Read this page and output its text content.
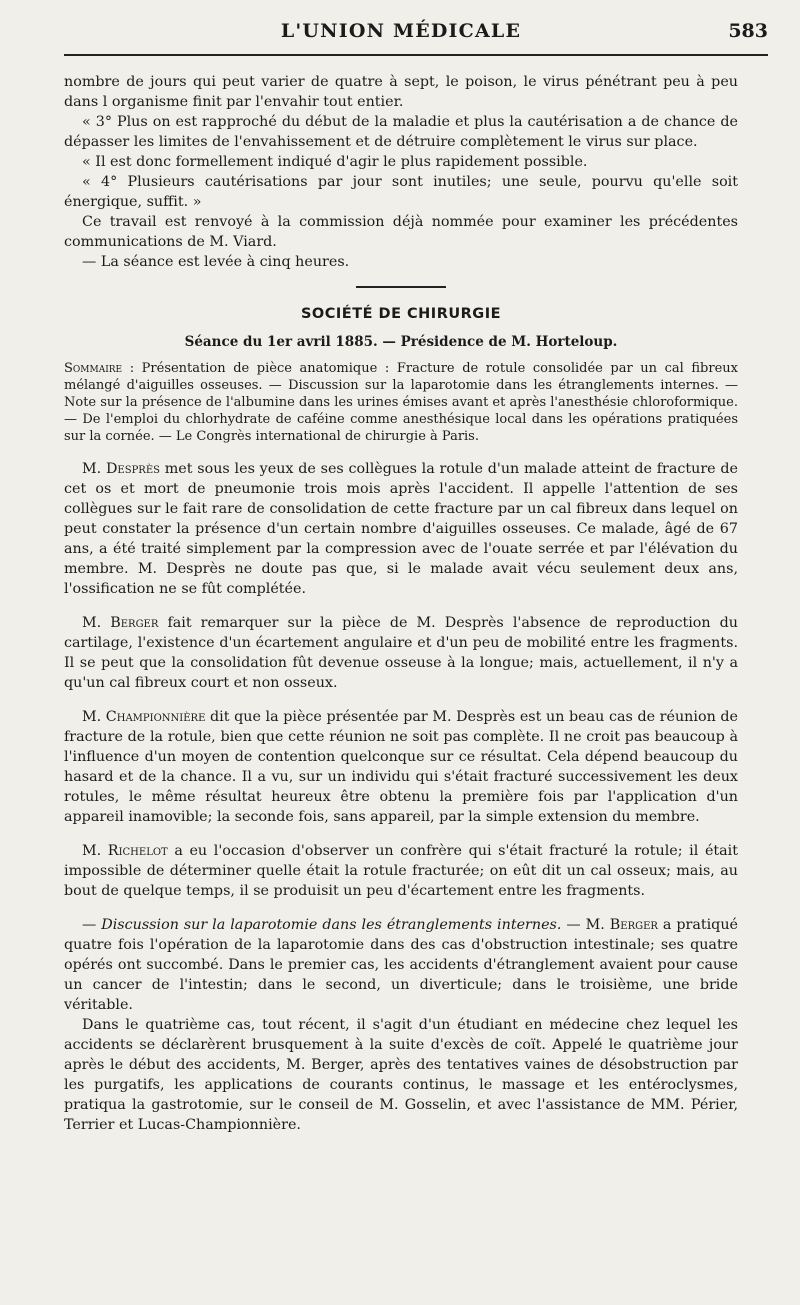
L'UNION MÉDICALE	583

nombre de jours qui peut varier de quatre à sept, le poison, le virus pénétrant peu à peu dans l organisme finit par l'envahir tout entier.

« 3° Plus on est rapproché du début de la maladie et plus la cautérisation a de chance de dépasser les limites de l'envahissement et de détruire complètement le virus sur place.

« Il est donc formellement indiqué d'agir le plus rapidement possible.

« 4° Plusieurs cautérisations par jour sont inutiles; une seule, pourvu qu'elle soit énergique, suffit. »

Ce travail est renvoyé à la commission déjà nommée pour examiner les précédentes communications de M. Viard.

— La séance est levée à cinq heures.

SOCIÉTÉ DE CHIRURGIE
Séance du 1er avril 1885. — Présidence de M. Horteloup.
Sommaire : Présentation de pièce anatomique : Fracture de rotule consolidée par un cal fibreux mélangé d'aiguilles osseuses. — Discussion sur la laparotomie dans les étranglements internes. — Note sur la présence de l'albumine dans les urines émises avant et après l'anesthésie chloroformique. — De l'emploi du chlorhydrate de caféine comme anesthésique local dans les opérations pratiquées sur la cornée. — Le Congrès international de chirurgie à Paris.

M. Desprès met sous les yeux de ses collègues la rotule d'un malade atteint de fracture de cet os et mort de pneumonie trois mois après l'accident. Il appelle l'attention de ses collègues sur le fait rare de consolidation de cette fracture par un cal fibreux dans lequel on peut constater la présence d'un certain nombre d'aiguilles osseuses. Ce malade, âgé de 67 ans, a été traité simplement par la compression avec de l'ouate serrée et par l'élévation du membre. M. Desprès ne doute pas que, si le malade avait vécu seulement deux ans, l'ossification ne se fût complétée.

M. Berger fait remarquer sur la pièce de M. Desprès l'absence de reproduction du cartilage, l'existence d'un écartement angulaire et d'un peu de mobilité entre les fragments. Il se peut que la consolidation fût devenue osseuse à la longue; mais, actuellement, il n'y a qu'un cal fibreux court et non osseux.

M. Championnière dit que la pièce présentée par M. Desprès est un beau cas de réunion de fracture de la rotule, bien que cette réunion ne soit pas complète. Il ne croit pas beaucoup à l'influence d'un moyen de contention quelconque sur ce résultat. Cela dépend beaucoup du hasard et de la chance. Il a vu, sur un individu qui s'était fracturé successivement les deux rotules, le même résultat heureux être obtenu la première fois par l'application d'un appareil inamovible; la seconde fois, sans appareil, par la simple extension du membre.

M. Richelot a eu l'occasion d'observer un confrère qui s'était fracturé la rotule; il était impossible de déterminer quelle était la rotule fracturée; on eût dit un cal osseux; mais, au bout de quelque temps, il se produisit un peu d'écartement entre les fragments.

— Discussion sur la laparotomie dans les étranglements internes. — M. Berger a pratiqué quatre fois l'opération de la laparotomie dans des cas d'obstruction intestinale; ses quatre opérés ont succombé. Dans le premier cas, les accidents d'étranglement avaient pour cause un cancer de l'intestin; dans le second, un diverticule; dans le troisième, une bride véritable.

Dans le quatrième cas, tout récent, il s'agit d'un étudiant en médecine chez lequel les accidents se déclarèrent brusquement à la suite d'excès de coït. Appelé le quatrième jour après le début des accidents, M. Berger, après des tentatives vaines de désobstruction par les purgatifs, les applications de courants continus, le massage et les entéroclysmes, pratiqua la gastrotomie, sur le conseil de M. Gosselin, et avec l'assistance de MM. Périer, Terrier et Lucas-Championnière.
